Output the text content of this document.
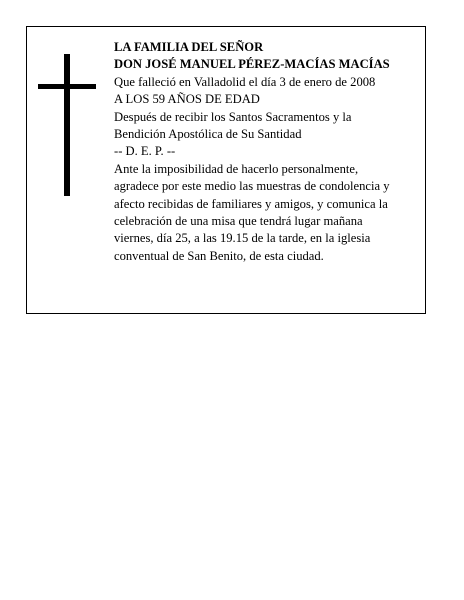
LA FAMILIA DEL SEÑOR
DON JOSÉ MANUEL PÉREZ-MACÍAS MACÍAS
Que falleció en Valladolid el día 3 de enero de 2008
A LOS 59 AÑOS DE EDAD
Después de recibir los Santos Sacramentos y la
Bendición Apostólica de Su Santidad
-- D. E. P. --
Ante la imposibilidad de hacerlo personalmente,
agradece por este medio las muestras de condolencia y
afecto recibidas de familiares y amigos, y comunica la
celebración de una misa que tendrá lugar mañana
viernes, día 25, a las 19.15 de la tarde, en la iglesia
conventual de San Benito, de esta ciudad.
